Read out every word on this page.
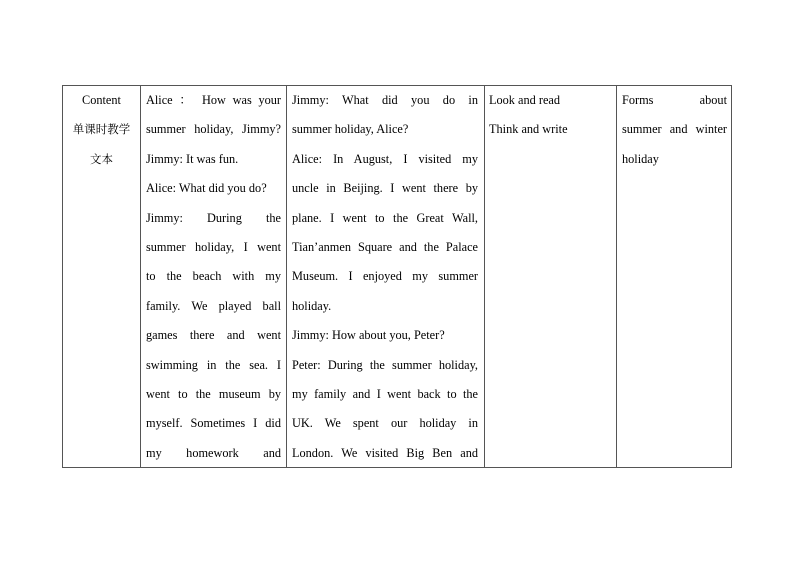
Content
单课时教学
文本

Alice ： How was your
summer holiday, Jimmy?
Jimmy: It was fun.
Alice: What did you do?
Jimmy: During the
summer holiday, I went
to the beach with my
family. We played ball
games there and went
swimming in the sea. I
went to the museum by
myself. Sometimes I did
my homework and

Jimmy: What did you do in
summer holiday, Alice?
Alice: In August, I visited my
uncle in Beijing. I went there by
plane. I went to the Great Wall,
Tian’anmen Square and the Palace
Museum. I enjoyed my summer
holiday.
Jimmy: How about you, Peter?
Peter: During the summer holiday,
my family and I went back to the
UK. We spent our holiday in
London. We visited Big Ben and

Look and read
Think and write

Forms about
summer and winter
holiday
